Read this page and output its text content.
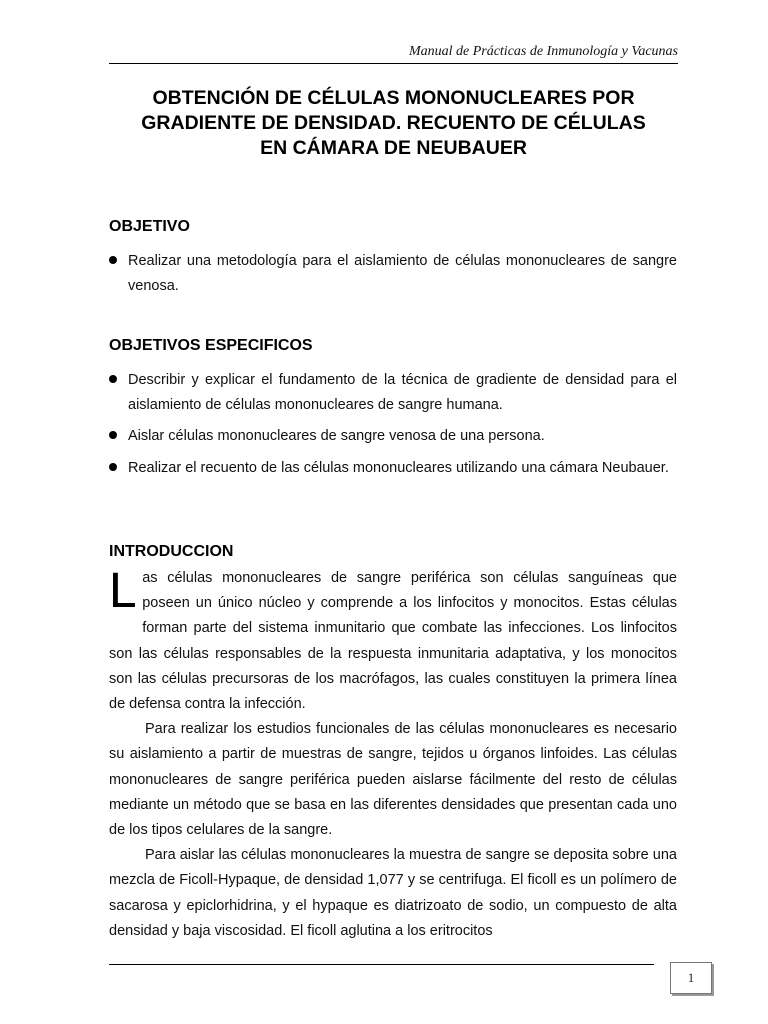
Manual de Prácticas de Inmunología y Vacunas
OBTENCIÓN DE CÉLULAS MONONUCLEARES POR
GRADIENTE DE DENSIDAD. RECUENTO DE CÉLULAS
EN CÁMARA DE NEUBAUER
OBJETIVO
Realizar una metodología para el aislamiento de células mononucleares de sangre venosa.
OBJETIVOS ESPECIFICOS
Describir y explicar el fundamento de la técnica de gradiente de densidad para el aislamiento de células mononucleares de sangre humana.
Aislar células mononucleares de sangre venosa de una persona.
Realizar el recuento de las células mononucleares utilizando una cámara Neubauer.
INTRODUCCION

Las células mononucleares de sangre periférica son células sanguíneas que poseen un único núcleo y comprende a los linfocitos y monocitos. Estas células forman parte del sistema inmunitario que combate las infecciones. Los linfocitos son las células responsables de la respuesta inmunitaria adaptativa, y los monocitos son las células precursoras de los macrófagos, las cuales constituyen la primera línea de defensa contra la infección.

Para realizar los estudios funcionales de las células mononucleares es necesario su aislamiento a partir de muestras de sangre, tejidos u órganos linfoides. Las células mononucleares de sangre periférica pueden aislarse fácilmente del resto de células mediante un método que se basa en las diferentes densidades que presentan cada uno de los tipos celulares de la sangre.

Para aislar las células mononucleares la muestra de sangre se deposita sobre una mezcla de Ficoll-Hypaque, de densidad 1,077 y se centrifuga. El ficoll es un polímero de sacarosa y epiclorhidrina, y el hypaque es diatrizoato de sodio, un compuesto de alta densidad y baja viscosidad. El ficoll aglutina a los eritrocitos

1
